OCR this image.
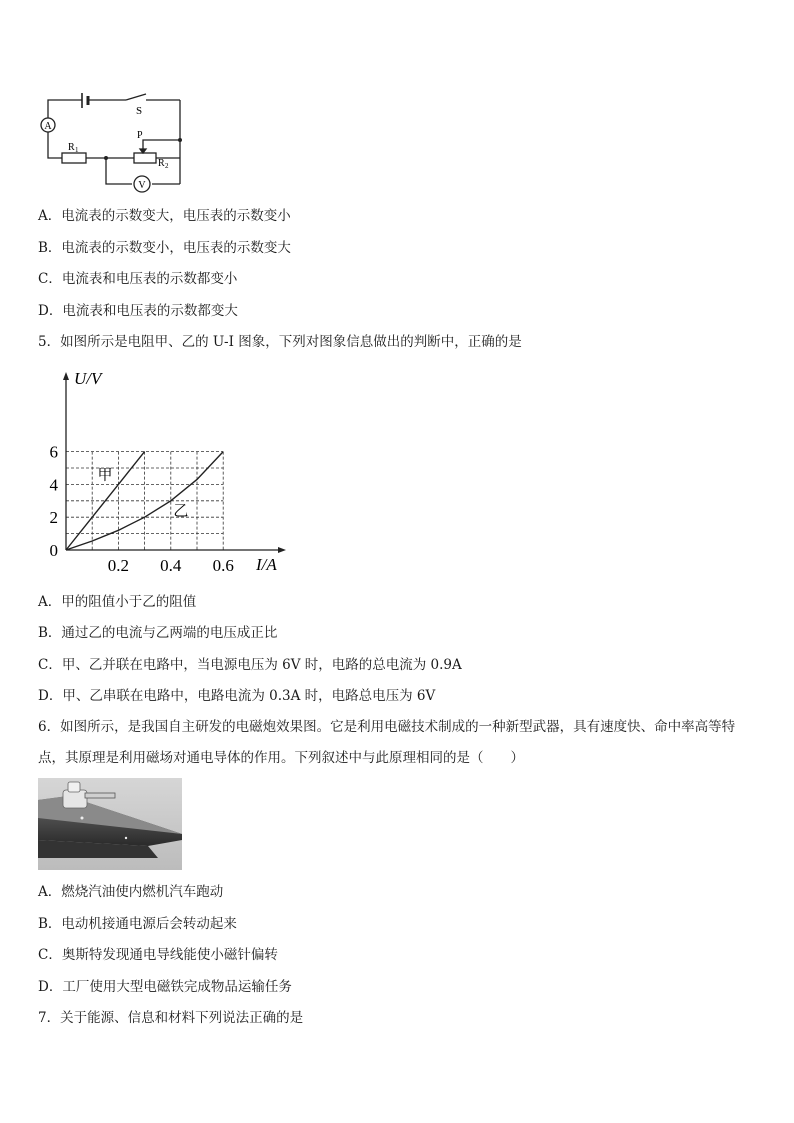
A
V
S
R 1
P
R 2
A．电流表的示数变大，电压表的示数变小
B．电流表的示数变小，电压表的示数变大
C．电流表和电压表的示数都变小
D．电流表和电压表的示数都变大
5．如图所示是电阻甲、乙的 U-I 图象，下列对图象信息做出的判断中，正确的是
U/V
I/A
0
2
4
6
0.2 0.4 0.6
甲
乙
A．甲的阻值小于乙的阻值
B．通过乙的电流与乙两端的电压成正比
C．甲、乙并联在电路中，当电源电压为 6V 时，电路的总电流为 0.9A
D．甲、乙串联在电路中，电路电流为 0.3A 时，电路总电压为 6V
6．如图所示，是我国自主研发的电磁炮效果图。它是利用电磁技术制成的一种新型武器，具有速度快、命中率高等特
点，其原理是利用磁场对通电导体的作用。下列叙述中与此原理相同的是（　　）
A．燃烧汽油使内燃机汽车跑动
B．电动机接通电源后会转动起来
C．奥斯特发现通电导线能使小磁针偏转
D．工厂使用大型电磁铁完成物品运输任务
7．关于能源、信息和材料下列说法正确的是
